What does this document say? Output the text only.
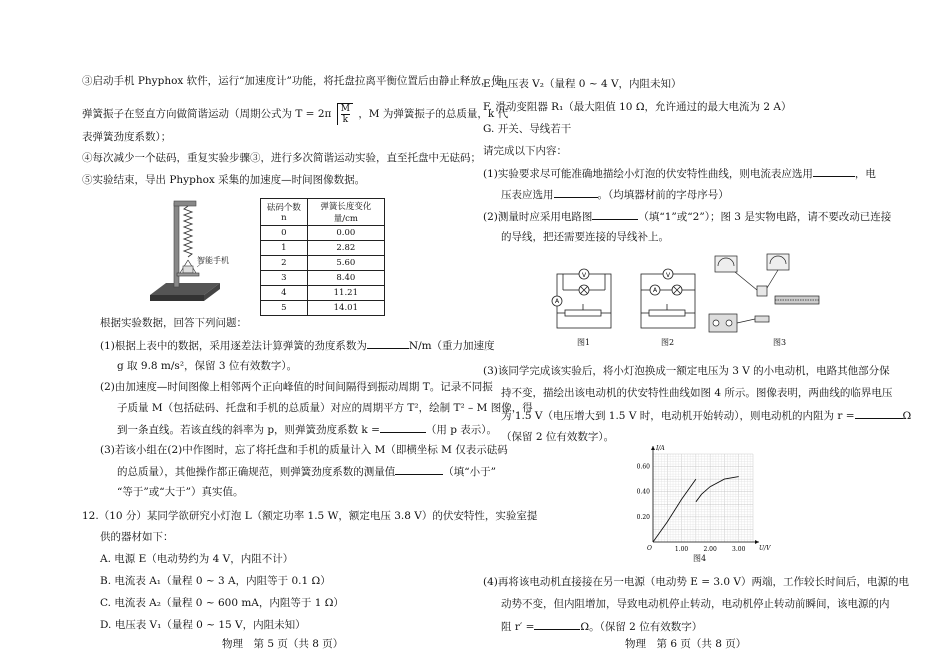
③启动手机 Phyphox 软件，运行“加速度计”功能，将托盘拉离平衡位置后由静止释放，使
弹簧振子在竖直方向做简谐运动（周期公式为 $T = 2\pi \frac{M}{k}$ ，M 为弹簧振子的总质量，k 代
表弹簧劲度系数）；
④每次减少一个砝码，重复实验步骤③，进行多次简谐运动实验，直至托盘中无砝码；
⑤实验结束，导出 Phyphox 采集的加速度—时间图像数据。
智能手机
砝码个数 n	弹簧长度变化量/cm
0	0.00
1	2.82
2	5.60
3	8.40
4	11.21
5	14.01
根据实验数据，回答下列问题：
(1)根据上表中的数据，采用逐差法计算弹簧的劲度系数为	N/m（重力加速度
g 取 9.8 m/s²，保留 3 位有效数字）。
(2)由加速度—时间图像上相邻两个正向峰值的时间间隔得到振动周期 T。记录不同振
子质量 M（包括砝码、托盘和手机的总质量）对应的周期平方 T²，绘制 T² – M 图像，得
到一条直线。若该直线的斜率为 p，则弹簧劲度系数 k =	（用 p 表示）。
(3)若该小组在(2)中作图时，忘了将托盘和手机的质量计入 M（即横坐标 M 仅表示砝码
的总质量），其他操作都正确规范，则弹簧劲度系数的测量值	（填“小于”
“等于”或“大于”）真实值。
12.（10 分）某同学欲研究小灯泡 L（额定功率 1.5 W，额定电压 3.8 V）的伏安特性，实验室提
供的器材如下：
A. 电源 E（电动势约为 4 V，内阻不计）
B. 电流表 A₁（量程 0 ~ 3 A，内阻等于 0.1 Ω）
C. 电流表 A₂（量程 0 ~ 600 mA，内阻等于 1 Ω）
D. 电压表 V₁（量程 0 ~ 15 V，内阻未知）
物理　第 5 页（共 8 页）
E. 电压表 V₂（量程 0 ~ 4 V，内阻未知）
F. 滑动变阻器 R₁（最大阻值 10 Ω，允许通过的最大电流为 2 A）
G. 开关、导线若干
请完成以下内容：
(1)实验要求尽可能准确地描绘小灯泡的伏安特性曲线，则电流表应选用	，电
压表应选用	。（均填器材前的字母序号）
(2)测量时应采用电路图	（填“1”或“2”）；图 3 是实物电路，请不要改动已连接
的导线，把还需要连接的导线补上。
V
A
图1
V
A
图2	图3
(3)该同学完成该实验后，将小灯泡换成一额定电压为 3 V 的小电动机，电路其他部分保
持不变，描绘出该电动机的伏安特性曲线如图 4 所示。图像表明，两曲线的临界电压
为 1.5 V（电压增大到 1.5 V 时，电动机开始转动），则电动机的内阻为 r =	Ω
（保留 2 位有效数字）。
1.00	2.00	3.00
0.20
0.40
0.60
O	U/V
I/A
图4
(4)再将该电动机直接接在另一电源（电动势 E = 3.0 V）两端，工作较长时间后，电源的电
动势不变，但内阻增加，导致电动机停止转动，电动机停止转动前瞬间，该电源的内
阻 r′ =	Ω。（保留 2 位有效数字）
物理　第 6 页（共 8 页）
